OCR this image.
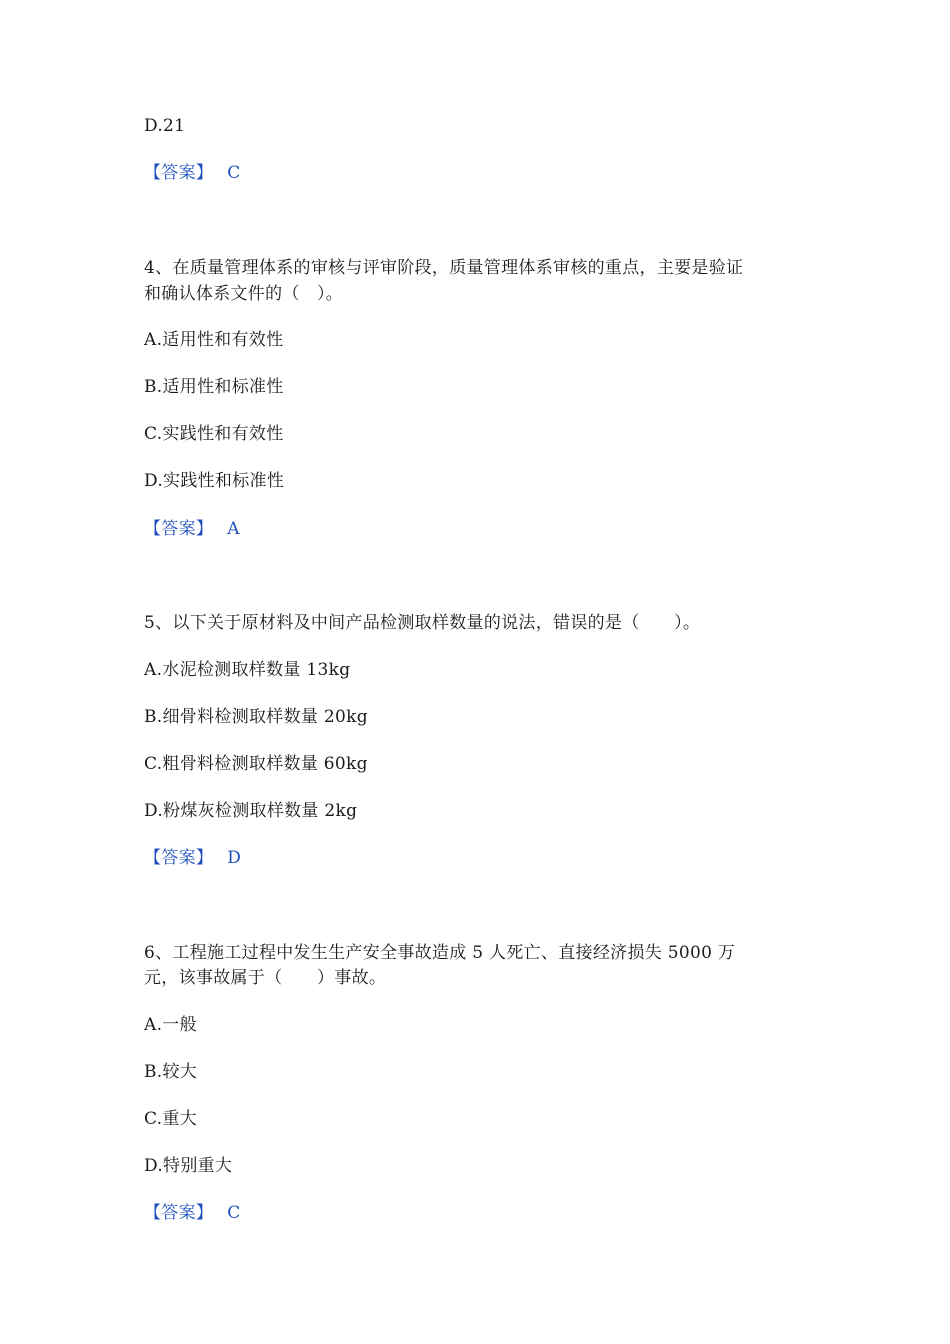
D.21
【答案】 C
4、在质量管理体系的审核与评审阶段，质量管理体系审核的重点，主要是验证
和确认体系文件的（　）。
A.适用性和有效性
B.适用性和标准性
C.实践性和有效性
D.实践性和标准性
【答案】 A
5、以下关于原材料及中间产品检测取样数量的说法，错误的是（　　）。
A.水泥检测取样数量 13kg
B.细骨料检测取样数量 20kg
C.粗骨料检测取样数量 60kg
D.粉煤灰检测取样数量 2kg
【答案】 D
6、工程施工过程中发生生产安全事故造成 5 人死亡、直接经济损失 5000 万
元，该事故属于（　　）事故。
A.一般
B.较大
C.重大
D.特别重大
【答案】 C
